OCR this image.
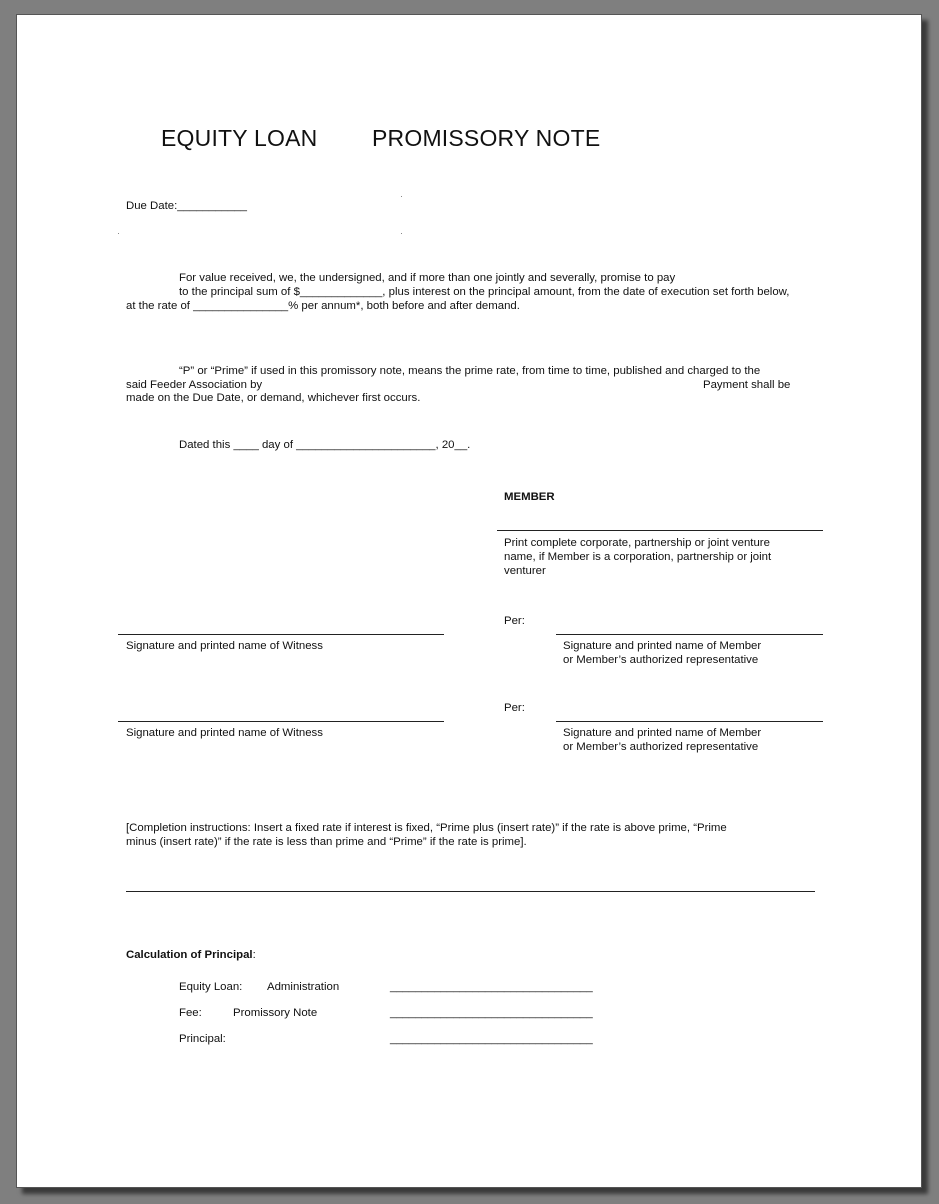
EQUITY LOAN PROMISSORY NOTE
Due Date:___________
For value received, we, the undersigned, and if more than one jointly and severally, promise to pay
to the principal sum of $_____________, plus interest on the principal amount, from the date of execution set forth below,
at the rate of _______________% per annum*, both before and after demand.
“P” or “Prime” if used in this promissory note, means the prime rate, from time to time, published and charged to the
said Feeder Association by	Payment shall be
made on the Due Date, or demand, whichever first occurs.
Dated this ____ day of ______________________, 20__.
MEMBER
Print complete corporate, partnership or joint venture
name, if Member is a corporation, partnership or joint
venturer
Per:
Signature and printed name of Witness	Signature and printed name of Member
or Member’s authorized representative
Per:
Signature and printed name of Witness	Signature and printed name of Member
or Member’s authorized representative
[Completion instructions: Insert a fixed rate if interest is fixed, “Prime plus (insert rate)” if the rate is above prime, “Prime
minus (insert rate)” if the rate is less than prime and “Prime” if the rate is prime].
Calculation of Principal:
Equity Loan: Administration	________________________________
Fee:	Promissory Note	________________________________
Principal:	________________________________
